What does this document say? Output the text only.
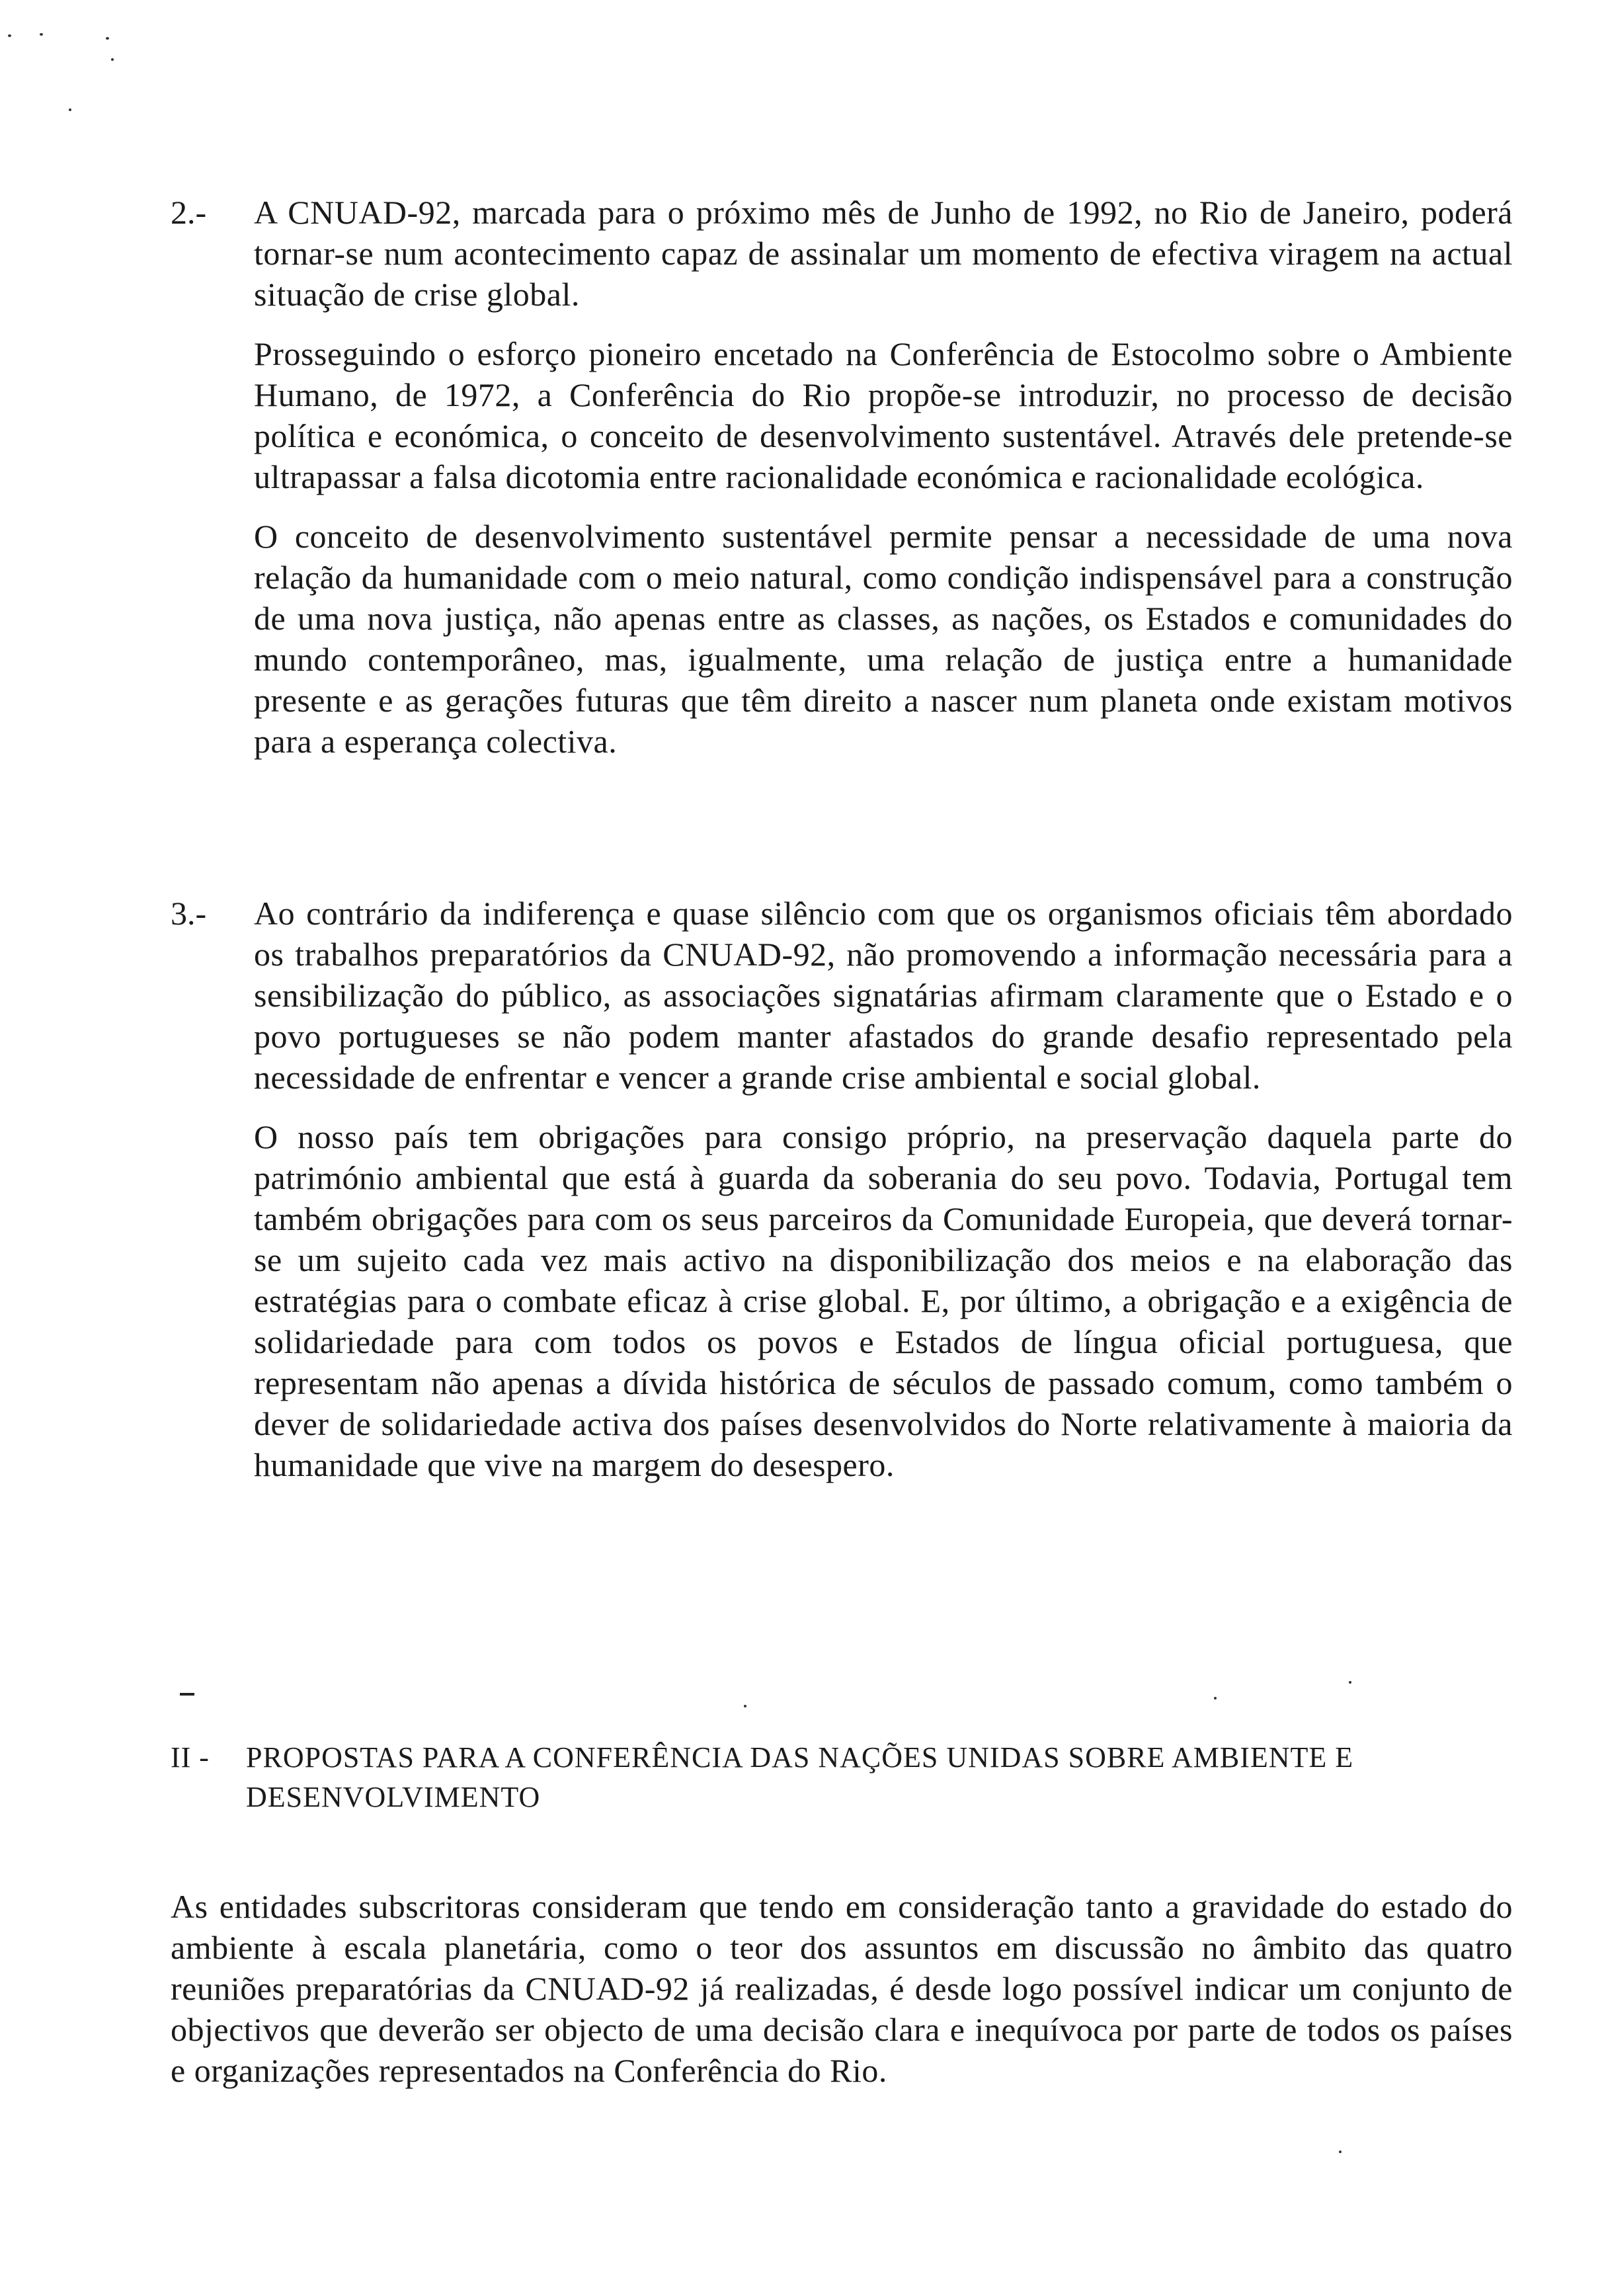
2.- A CNUAD-92, marcada para o próximo mês de Junho de 1992, no Rio de Janeiro, poderá tornar-se num acontecimento capaz de assinalar um momento de efectiva viragem na actual situação de crise global.

Prosseguindo o esforço pioneiro encetado na Conferência de Estocolmo sobre o Ambiente Humano, de 1972, a Conferência do Rio propõe-se introduzir, no processo de decisão política e económica, o conceito de desenvolvimento sustentável. Através dele pretende-se ultrapassar a falsa dicotomia entre racionalidade económica e racionalidade ecológica.

O conceito de desenvolvimento sustentável permite pensar a necessidade de uma nova relação da humanidade com o meio natural, como condição indispensável para a construção de uma nova justiça, não apenas entre as classes, as nações, os Estados e comunidades do mundo contemporâneo, mas, igualmente, uma relação de justiça entre a humanidade presente e as gerações futuras que têm direito a nascer num planeta onde existam motivos para a esperança colectiva.

3.- Ao contrário da indiferença e quase silêncio com que os organismos oficiais têm abordado os trabalhos preparatórios da CNUAD-92, não promovendo a informação necessária para a sensibilização do público, as associações signatárias afirmam claramente que o Estado e o povo portugueses se não podem manter afastados do grande desafio representado pela necessidade de enfrentar e vencer a grande crise ambiental e social global.

O nosso país tem obrigações para consigo próprio, na preservação daquela parte do património ambiental que está à guarda da soberania do seu povo. Todavia, Portugal tem também obrigações para com os seus parceiros da Comunidade Europeia, que deverá tornar-se um sujeito cada vez mais activo na disponibilização dos meios e na elaboração das estratégias para o combate eficaz à crise global. E, por último, a obrigação e a exigência de solidariedade para com todos os povos e Estados de língua oficial portuguesa, que representam não apenas a dívida histórica de séculos de passado comum, como também o dever de solidariedade activa dos países desenvolvidos do Norte relativamente à maioria da humanidade que vive na margem do desespero.

II - PROPOSTAS PARA A CONFERÊNCIA DAS NAÇÕES UNIDAS SOBRE AMBIENTE E DESENVOLVIMENTO

As entidades subscritoras consideram que tendo em consideração tanto a gravidade do estado do ambiente à escala planetária, como o teor dos assuntos em discussão no âmbito das quatro reuniões preparatórias da CNUAD-92 já realizadas, é desde logo possível indicar um conjunto de objectivos que deverão ser objecto de uma decisão clara e inequívoca por parte de todos os países e organizações representados na Conferência do Rio.
